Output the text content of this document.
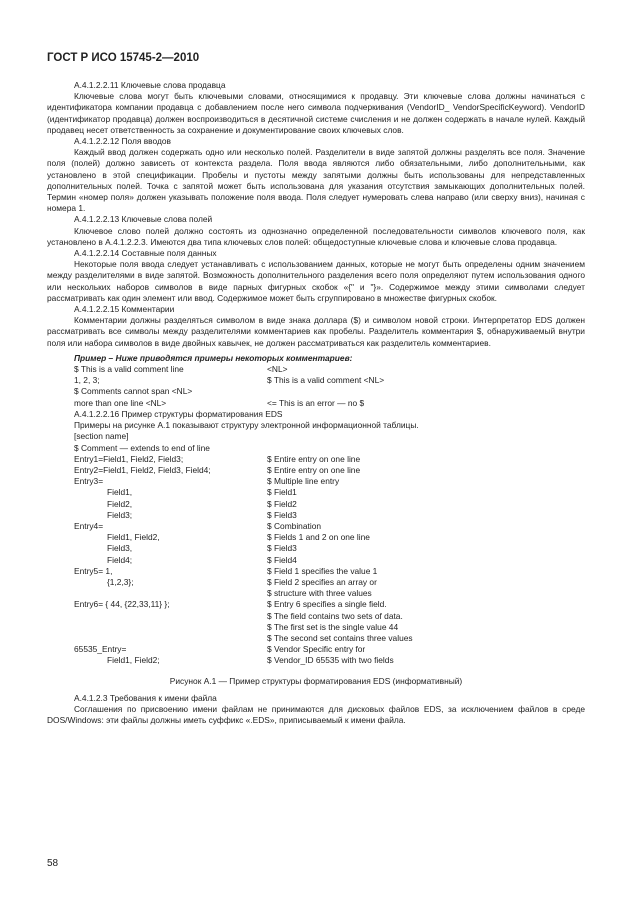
ГОСТ Р ИСО 15745-2—2010
А.4.1.2.2.11 Ключевые слова продавца

Ключевые слова могут быть ключевыми словами, относящимися к продавцу. Эти ключевые слова должны начинаться с идентификатора компании продавца с добавлением после него символа подчеркивания (VendorID_ VendorSpecificKeyword). VendorID (идентификатор продавца) должен воспроизводиться в десятичной системе счисления и не должен содержать в начале нулей. Каждый продавец несет ответственность за сохранение и документирование своих ключевых слов.

А.4.1.2.2.12 Поля вводов

Каждый ввод должен содержать одно или несколько полей. Разделители в виде запятой должны разделять все поля. Значение поля (полей) должно зависеть от контекста раздела. Поля ввода являются либо обязательными, либо дополнительными, как установлено в этой спецификации. Пробелы и пустоты между запятыми должны быть использованы для непредставленных дополнительных полей. Точка с запятой может быть использована для указания отсутствия замыкающих дополнительных полей. Термин «номер поля» должен указывать положение поля ввода. Поля следует нумеровать слева направо (или сверху вниз), начиная с номера 1.

А.4.1.2.2.13 Ключевые слова полей

Ключевое слово полей должно состоять из однозначно определенной последовательности символов ключевого поля, как установлено в А.4.1.2.2.3. Имеются два типа ключевых слов полей: общедоступные ключевые слова и ключевые слова продавца.

А.4.1.2.2.14 Составные поля данных

Некоторые поля ввода следует устанавливать с использованием данных, которые не могут быть определены одним значением между разделителями в виде запятой. Возможность дополнительного разделения всего поля определяют путем использования одного или нескольких наборов символов в виде парных фигурных скобок «{" и "}». Содержимое между этими символами следует рассматривать как один элемент или ввод. Содержимое может быть сгруппировано в множестве фигурных скобок.

А.4.1.2.2.15 Комментарии

Комментарии должны разделяться символом в виде знака доллара ($) и символом новой строки. Интерпретатор EDS должен рассматривать все символы между разделителями комментариев как пробелы. Разделитель комментария $, обнаруживаемый внутри поля или набора символов в виде двойных кавычек, не должен рассматриваться как разделитель комментариев.

Пример – Ниже приводятся примеры некоторых комментариев:
$ This is a valid comment line	<NL>
1, 2, 3;	$ This is a valid comment <NL>
$ Comments cannot span <NL>
more than one line <NL>	<= This is an error — no $
А.4.1.2.2.16 Пример структуры форматирования EDS
Примеры на рисунке А.1 показывают структуру электронной информационной таблицы.
[section name]
$ Comment — extends to end of line
Entry1=Field1, Field2, Field3;	$ Entire entry on one line
Entry2=Field1, Field2, Field3, Field4;	$ Entire entry on one line
Entry3=	$ Multiple line entry
Field1,	$ Field1
Field2,	$ Field2
Field3;	$ Field3
Entry4=	$ Combination
Field1, Field2,	$ Fields 1 and 2 on one line
Field3,	$ Field3
Field4;	$ Field4
Entry5= 1,	$ Field 1 specifies the value 1
{1,2,3};	$ Field 2 specifies an array or
$ structure with three values
Entry6= { 44, {22,33,11} };	$ Entry 6 specifies a single field.
$ The field contains two sets of data.
$ The first set is the single value 44
$ The second set contains three values
65535_Entry=	$ Vendor Specific entry for
Field1, Field2;	$ Vendor_ID 65535 with two fields
Рисунок А.1 — Пример структуры форматирования EDS (информативный)
А.4.1.2.3 Требования к имени файла

Соглашения по присвоению имени файлам не принимаются для дисковых файлов EDS, за исключением файлов в среде DOS/Windows: эти файлы должны иметь суффикс «.EDS», приписываемый к имени файла.

58
